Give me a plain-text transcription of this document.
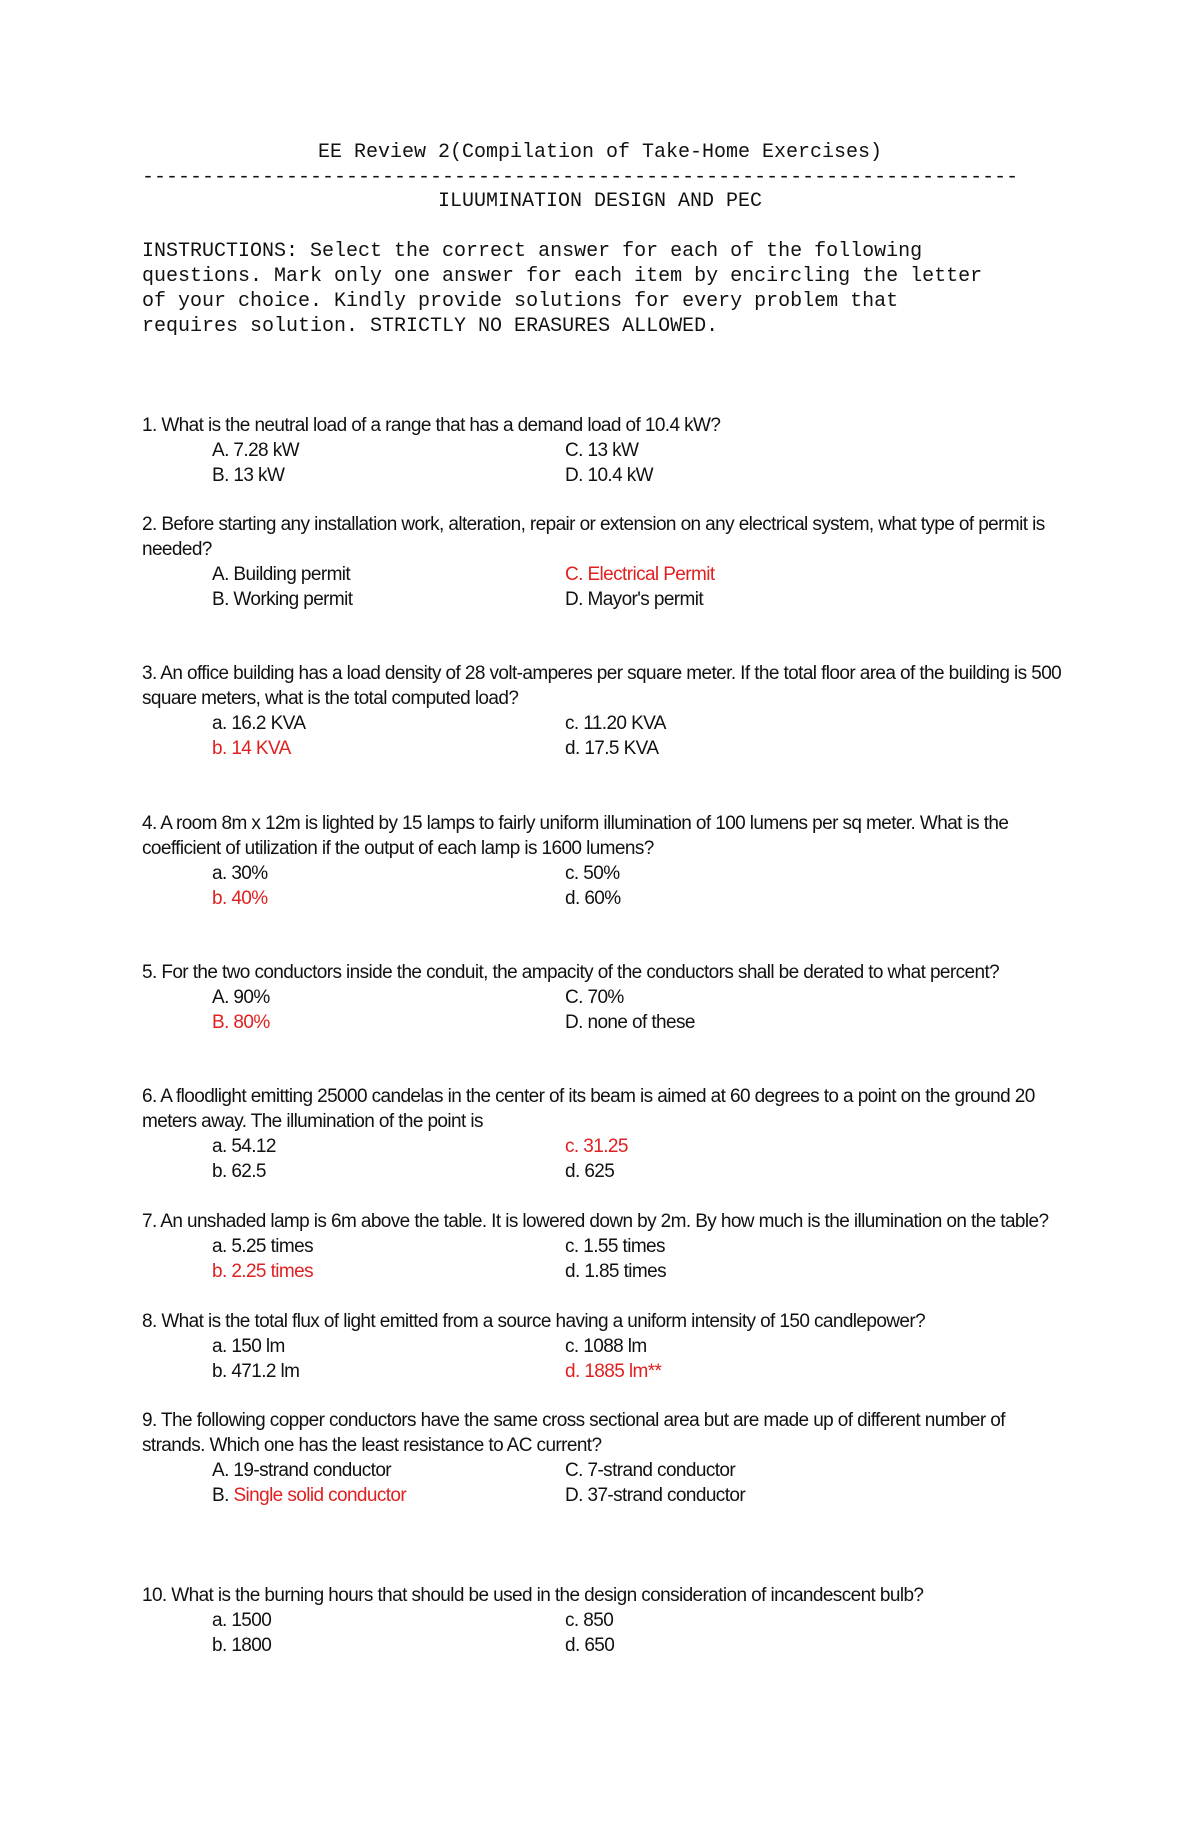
EE Review 2(Compilation of Take-Home Exercises)
-------------------------------------------------------------------------
ILUUMINATION DESIGN AND PEC
INSTRUCTIONS: Select the correct answer for each of the following
questions. Mark only one answer for each item by encircling the letter
of your choice. Kindly provide solutions for every problem that
requires solution. STRICTLY NO ERASURES ALLOWED.
1. What is the neutral load of a range that has a demand load of 10.4 kW?
A. 7.28 kW	C. 13 kW
B. 13 kW	D. 10.4 kW
2. Before starting any installation work, alteration, repair or extension on any electrical system, what type of permit is needed?
A. Building permit	C. Electrical Permit
B. Working permit	D. Mayor's permit
3. An office building has a load density of 28 volt-amperes per square meter. If the total floor area of the building is 500 square meters, what is the total computed load?
a. 16.2 KVA	c. 11.20 KVA
b. 14 KVA	d. 17.5 KVA
4. A room 8m x 12m is lighted by 15 lamps to fairly uniform illumination of 100 lumens per sq meter. What is the coefficient of utilization if the output of each lamp is 1600 lumens?
a. 30%	c. 50%
b. 40%	d. 60%
5. For the two conductors inside the conduit, the ampacity of the conductors shall be derated to what percent?
A. 90%	C. 70%
B. 80%	D. none of these
6. A floodlight emitting 25000 candelas in the center of its beam is aimed at 60 degrees to a point on the ground 20 meters away. The illumination of the point is
a. 54.12	c. 31.25
b. 62.5	d. 625
7. An unshaded lamp is 6m above the table. It is lowered down by 2m. By how much is the illumination on the table?
a. 5.25 times	c. 1.55 times
b. 2.25 times	d. 1.85 times
8. What is the total flux of light emitted from a source having a uniform intensity of 150 candlepower?
a. 150 lm	c. 1088 lm
b. 471.2 lm	d. 1885 lm**
9. The following copper conductors have the same cross sectional area but are made up of different number of strands. Which one has the least resistance to AC current?
A. 19-strand conductor	C. 7-strand conductor
B. Single solid conductor	D. 37-strand conductor
10. What is the burning hours that should be used in the design consideration of incandescent bulb?
a. 1500	c. 850
b. 1800	d. 650
